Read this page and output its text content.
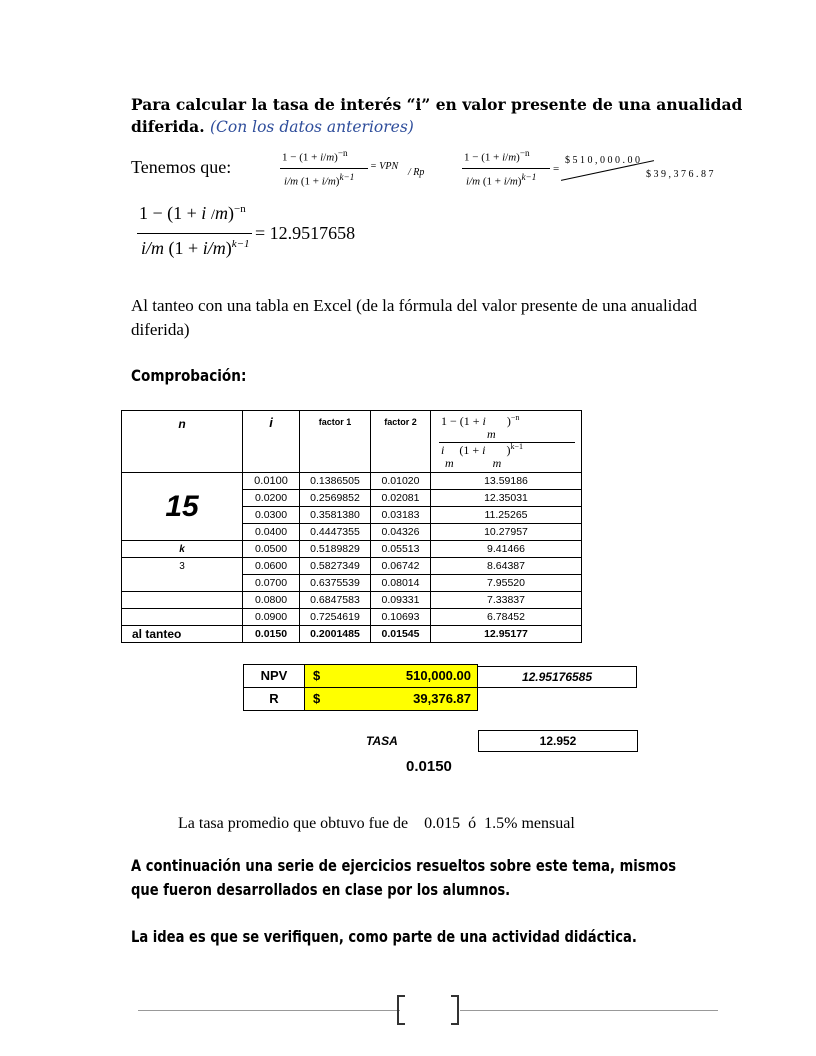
Para calcular la tasa de interés “i” en valor presente de una anualidad
diferida. (Con los datos anteriores)
Tenemos que:	$1 - (1 + i/m)^{-n}$
i/m $(1 + i/m)^{k-1}$
= VPN
/ Rp
$1 - (1 + i/m)^{-n}$
i/m $(1 + i/m)^{k-1}$
=
$ 5 1 0 , 0 0 0 . 0 0
$ 3 9 , 3 7 6 . 8 7
1 − (1 + i /m)$^{-n}$
i/m $(1 + i/m)^{k-1}$
= 12.9517658
Al tanteo con una tabla en Excel (de la fórmula del valor presente de una anualidad diferida)
Comprobación:
n	i	factor 1	factor 2	1 − (1 + i       )$^{-n}$
m
i     (1 + i       )$^{k-1}$
m             m

15	0.0100	0.1386505	0.01020	13.59186
	0.0200	0.2569852	0.02081	12.35031
	0.0300	0.3581380	0.03183	11.25265
	0.0400	0.4447355	0.04326	10.27957
k	0.0500	0.5189829	0.05513	9.41466
3	0.0600	0.5827349	0.06742	8.64387
	0.0700	0.6375539	0.08014	7.95520
	0.0800	0.6847583	0.09331	7.33837
	0.0900	0.7254619	0.10693	6.78452
al tanteo	0.0150	0.2001485	0.01545	12.95177
NPV	$	510,000.00	12.95176585
R	$	39,376.87
TASA	12.952
0.0150
La tasa promedio que obtuvo fue de    0.015  ó  1.5% mensual
A continuación una serie de ejercicios resueltos sobre este tema, mismos
que fueron desarrollados en clase por los alumnos.
La idea es que se verifiquen, como parte de una actividad didáctica.
